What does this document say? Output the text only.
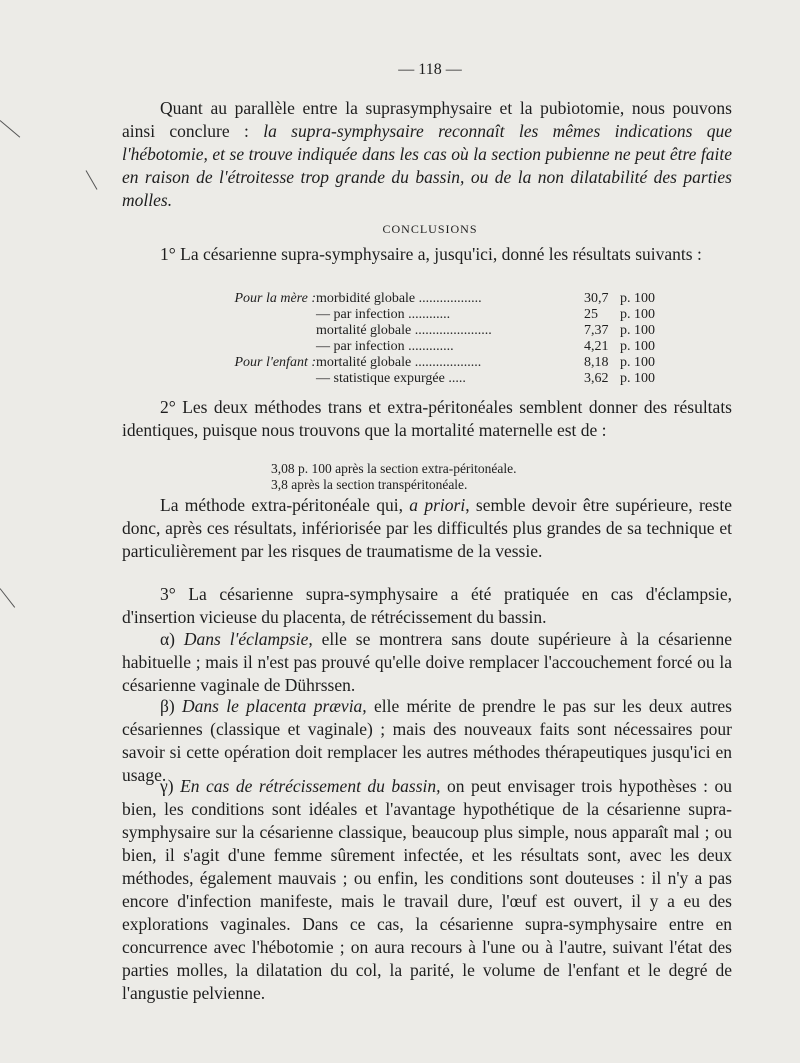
— 118 —

Quant au parallèle entre la suprasymphysaire et la pubiotomie, nous pouvons ainsi conclure : la supra-symphysaire reconnaît les mêmes indications que l'hébotomie, et se trouve indiquée dans les cas où la section pubienne ne peut être faite en raison de l'étroitesse trop grande du bassin, ou de la non dilatabilité des parties molles.

CONCLUSIONS

1° La césarienne supra-symphysaire a, jusqu'ici, donné les résultats suivants :

Pour la mère :	morbidité globale ..................	30,7	p. 100
	— par infection ............	25	p. 100
	mortalité globale ......................	7,37	p. 100
	— par infection .............	4,21	p. 100
Pour l'enfant :	mortalité globale ...................	8,18	p. 100
	— statistique expurgée .....	3,62	p. 100

2° Les deux méthodes trans et extra-péritonéales semblent donner des résultats identiques, puisque nous trouvons que la mortalité maternelle est de :

3,08 p. 100 après la section extra-péritonéale.

3,8 après la section transpéritonéale.

La méthode extra-péritonéale qui, a priori, semble devoir être supérieure, reste donc, après ces résultats, infériorisée par les difficultés plus grandes de sa technique et particulièrement par les risques de traumatisme de la vessie.

3° La césarienne supra-symphysaire a été pratiquée en cas d'éclampsie, d'insertion vicieuse du placenta, de rétrécissement du bassin.

α) Dans l'éclampsie, elle se montrera sans doute supérieure à la césarienne habituelle ; mais il n'est pas prouvé qu'elle doive remplacer l'accouchement forcé ou la césarienne vaginale de Dührssen.

β) Dans le placenta prævia, elle mérite de prendre le pas sur les deux autres césariennes (classique et vaginale) ; mais des nouveaux faits sont nécessaires pour savoir si cette opération doit remplacer les autres méthodes thérapeutiques jusqu'ici en usage.

γ) En cas de rétrécissement du bassin, on peut envisager trois hypothèses : ou bien, les conditions sont idéales et l'avantage hypothétique de la césarienne supra-symphysaire sur la césarienne classique, beaucoup plus simple, nous apparaît mal ; ou bien, il s'agit d'une femme sûrement infectée, et les résultats sont, avec les deux méthodes, également mauvais ; ou enfin, les conditions sont douteuses : il n'y a pas encore d'infection manifeste, mais le travail dure, l'œuf est ouvert, il y a eu des explorations vaginales. Dans ce cas, la césarienne supra-symphysaire entre en concurrence avec l'hébotomie ; on aura recours à l'une ou à l'autre, suivant l'état des parties molles, la dilatation du col, la parité, le volume de l'enfant et le degré de l'angustie pelvienne.
